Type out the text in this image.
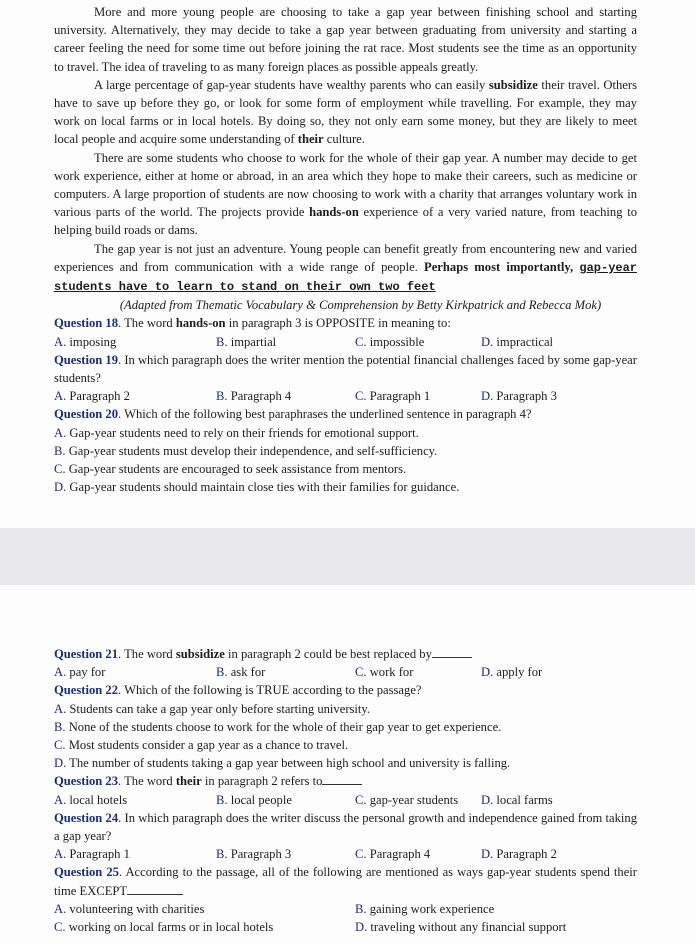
More and more young people are choosing to take a gap year between finishing school and starting university. Alternatively, they may decide to take a gap year between graduating from university and starting a career feeling the need for some time out before joining the rat race. Most students see the time as an opportunity to travel. The idea of traveling to as many foreign places as possible appeals greatly.

A large percentage of gap-year students have wealthy parents who can easily subsidize their travel. Others have to save up before they go, or look for some form of employment while travelling. For example, they may work on local farms or in local hotels. By doing so, they not only earn some money, but they are likely to meet local people and acquire some understanding of their culture.

There are some students who choose to work for the whole of their gap year. A number may decide to get work experience, either at home or abroad, in an area which they hope to make their careers, such as medicine or computers. A large proportion of students are now choosing to work with a charity that arranges voluntary work in various parts of the world. The projects provide hands-on experience of a very varied nature, from teaching to helping build roads or dams.

The gap year is not just an adventure. Young people can benefit greatly from encountering new and varied experiences and from communication with a wide range of people. Perhaps most importantly, gap-year students have to learn to stand on their own two feet

(Adapted from Thematic Vocabulary & Comprehension by Betty Kirkpatrick and Rebecca Mok)

Question 18. The word hands-on in paragraph 3 is OPPOSITE in meaning to:
A. imposing	B. impartial	C. impossible	D. impractical
Question 19. In which paragraph does the writer mention the potential financial challenges faced by some gap-year students?
A. Paragraph 2	B. Paragraph 4	C. Paragraph 1	D. Paragraph 3
Question 20. Which of the following best paraphrases the underlined sentence in paragraph 4?
A. Gap-year students need to rely on their friends for emotional support.
B. Gap-year students must develop their independence, and self-sufficiency.
C. Gap-year students are encouraged to seek assistance from mentors.
D. Gap-year students should maintain close ties with their families for guidance.
Question 21. The word subsidize in paragraph 2 could be best replaced by
A. pay for	B. ask for	C. work for	D. apply for
Question 22. Which of the following is TRUE according to the passage?
A. Students can take a gap year only before starting university.
B. None of the students choose to work for the whole of their gap year to get experience.
C. Most students consider a gap year as a chance to travel.
D. The number of students taking a gap year between high school and university is falling.
Question 23. The word their in paragraph 2 refers to
A. local hotels	B. local people	C. gap-year students	D. local farms
Question 24. In which paragraph does the writer discuss the personal growth and independence gained from taking a gap year?
A. Paragraph 1	B. Paragraph 3	C. Paragraph 4	D. Paragraph 2
Question 25. According to the passage, all of the following are mentioned as ways gap-year students spend their time EXCEPT
A. volunteering with charities	B. gaining work experience
C. working on local farms or in local hotels	D. traveling without any financial support
